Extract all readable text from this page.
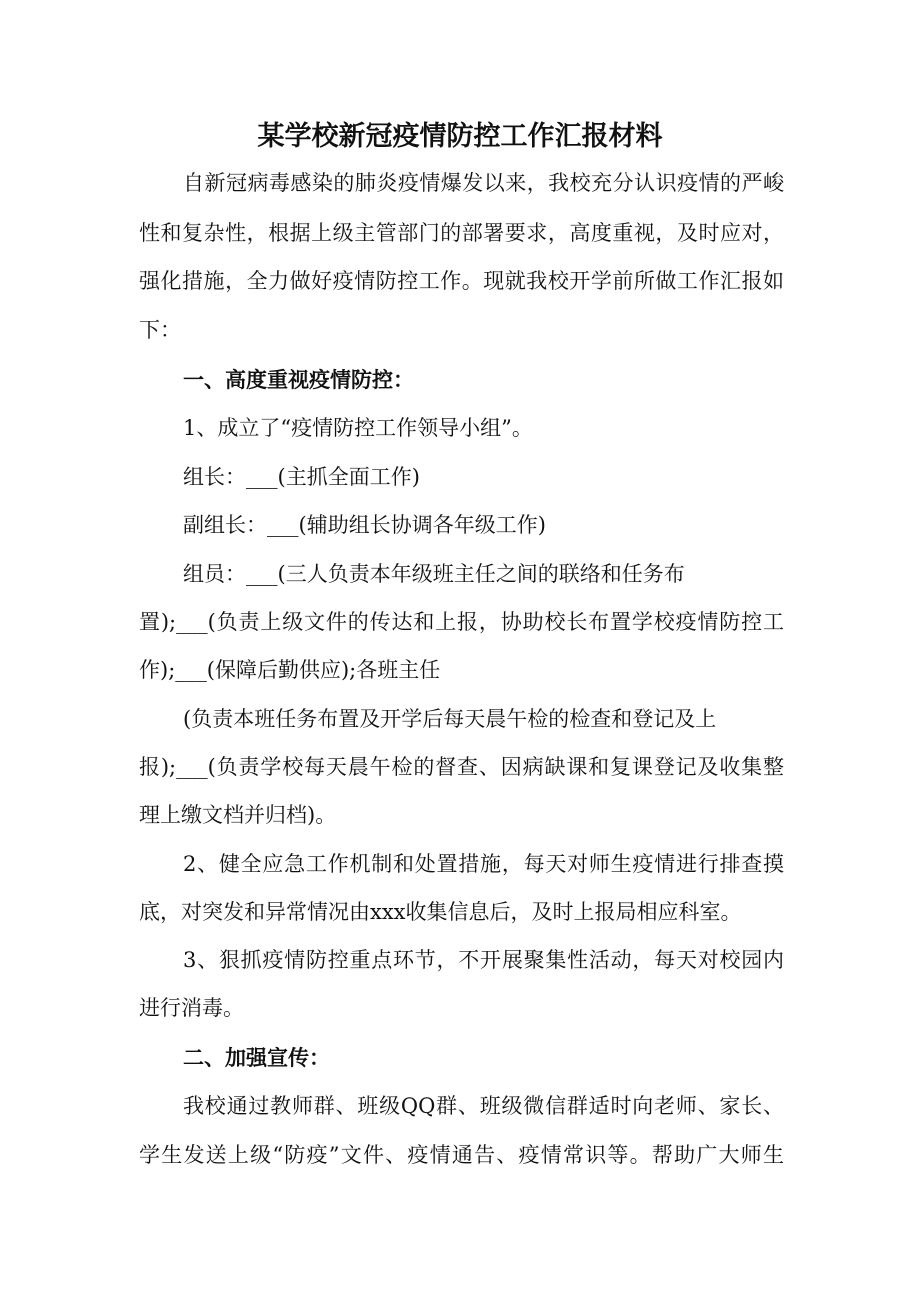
某学校新冠疫情防控工作汇报材料

自新冠病毒感染的肺炎疫情爆发以来，我校充分认识疫情的严峻

性和复杂性，根据上级主管部门的部署要求，高度重视，及时应对，

强化措施，全力做好疫情防控工作。现就我校开学前所做工作汇报如

下：

一、高度重视疫情防控：

1、成立了“疫情防控工作领导小组”。

组长：___(主抓全面工作)

副组长：___(辅助组长协调各年级工作)

组员：___(三人负责本年级班主任之间的联络和任务布

置);___(负责上级文件的传达和上报，协助校长布置学校疫情防控工

作);___(保障后勤供应);各班主任

(负责本班任务布置及开学后每天晨午检的检查和登记及上

报);___(负责学校每天晨午检的督查、因病缺课和复课登记及收集整

理上缴文档并归档)。

2、健全应急工作机制和处置措施，每天对师生疫情进行排查摸

底，对突发和异常情况由xxx收集信息后，及时上报局相应科室。

3、狠抓疫情防控重点环节，不开展聚集性活动，每天对校园内

进行消毒。

二、加强宣传：

我校通过教师群、班级QQ群、班级微信群适时向老师、家长、

学生发送上级“防疫”文件、疫情通告、疫情常识等。帮助广大师生
